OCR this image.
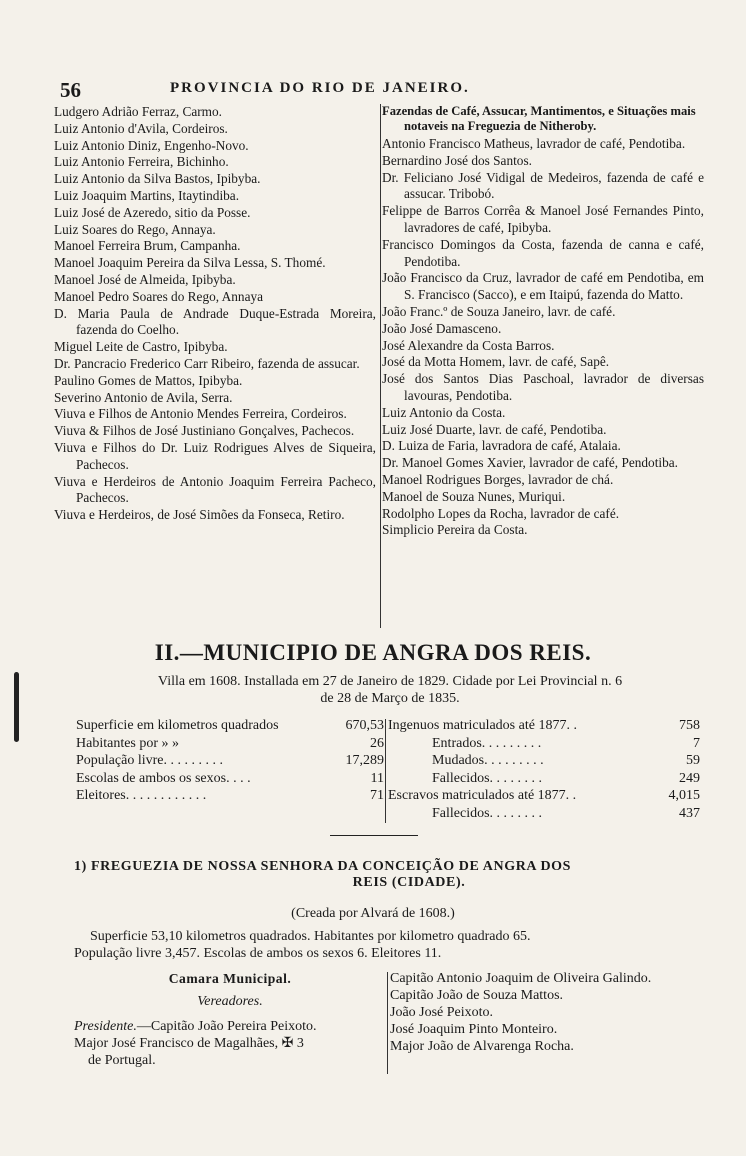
56	PROVINCIA DO RIO DE JANEIRO.
Ludgero Adrião Ferraz, Carmo.
Luiz Antonio d'Avila, Cordeiros.
Luiz Antonio Diniz, Engenho-Novo.
Luiz Antonio Ferreira, Bichinho.
Luiz Antonio da Silva Bastos, Ipibyba.
Luiz Joaquim Martins, Itaytindiba.
Luiz José de Azeredo, sitio da Posse.
Luiz Soares do Rego, Annaya.
Manoel Ferreira Brum, Campanha.
Manoel Joaquim Pereira da Silva Lessa, S. Thomé.
Manoel José de Almeida, Ipibyba.
Manoel Pedro Soares do Rego, Annaya
D. Maria Paula de Andrade Duque-Estrada Moreira, fazenda do Coelho.
Miguel Leite de Castro, Ipibyba.
Dr. Pancracio Frederico Carr Ribeiro, fazenda de assucar.
Paulino Gomes de Mattos, Ipibyba.
Severino Antonio de Avila, Serra.
Viuva e Filhos de Antonio Mendes Ferreira, Cordeiros.
Viuva & Filhos de José Justiniano Gonçalves, Pachecos.
Viuva e Filhos do Dr. Luiz Rodrigues Alves de Siqueira, Pachecos.
Viuva e Herdeiros de Antonio Joaquim Ferreira Pacheco, Pachecos.
Viuva e Herdeiros, de José Simões da Fonseca, Retiro.
Fazendas de Café, Assucar, Mantimentos, e Situações mais notaveis na Freguezia de Nitheroby.
Antonio Francisco Matheus, lavrador de café, Pendotiba.
Bernardino José dos Santos.
Dr. Feliciano José Vidigal de Medeiros, fazenda de café e assucar. Tribobó.
Felippe de Barros Corrêa & Manoel José Fernandes Pinto, lavradores de café, Ipibyba.
Francisco Domingos da Costa, fazenda de canna e café, Pendotiba.
João Francisco da Cruz, lavrador de café em Pendotiba, em S. Francisco (Sacco), e em Itaipú, fazenda do Matto.
João Franc.º de Souza Janeiro, lavr. de café.
João José Damasceno.
José Alexandre da Costa Barros.
José da Motta Homem, lavr. de café, Sapê.
José dos Santos Dias Paschoal, lavrador de diversas lavouras, Pendotiba.
Luiz Antonio da Costa.
Luiz José Duarte, lavr. de café, Pendotiba.
D. Luiza de Faria, lavradora de café, Atalaia.
Dr. Manoel Gomes Xavier, lavrador de café, Pendotiba.
Manoel Rodrigues Borges, lavrador de chá.
Manoel de Souza Nunes, Muriqui.
Rodolpho Lopes da Rocha, lavrador de café.
Simplicio Pereira da Costa.
II.—MUNICIPIO DE ANGRA DOS REIS.
Villa em 1608. Installada em 27 de Janeiro de 1829. Cidade por Lei Provincial n. 6
de 28 de Março de 1835.
Superficie em kilometros quadrados	670,53
Habitantes por » »	26
População livre. . . . . . . . .	17,289
Escolas de ambos os sexos. . . .	11
Eleitores. . . . . . . . . . . .	71
Ingenuos matriculados até 1877. .	758
Entrados. . . . . . . . .	7
Mudados. . . . . . . . .	59
Fallecidos. . . . . . . .	249
Escravos matriculados até 1877. .	4,015
Fallecidos. . . . . . . .	437
1) FREGUEZIA DE NOSSA SENHORA DA CONCEIÇÃO DE ANGRA DOS
REIS (CIDADE).
(Creada por Alvará de 1608.)
Superficie 53,10 kilometros quadrados. Habitantes por kilometro quadrado 65.
População livre 3,457. Escolas de ambos os sexos 6. Eleitores 11.
Camara Municipal.
Vereadores.
Presidente.—Capitão João Pereira Peixoto.
Major José Francisco de Magalhães, ✠ 3
de Portugal.
Capitão Antonio Joaquim de Oliveira Galindo.
Capitão João de Souza Mattos.
João José Peixoto.
José Joaquim Pinto Monteiro.
Major João de Alvarenga Rocha.
